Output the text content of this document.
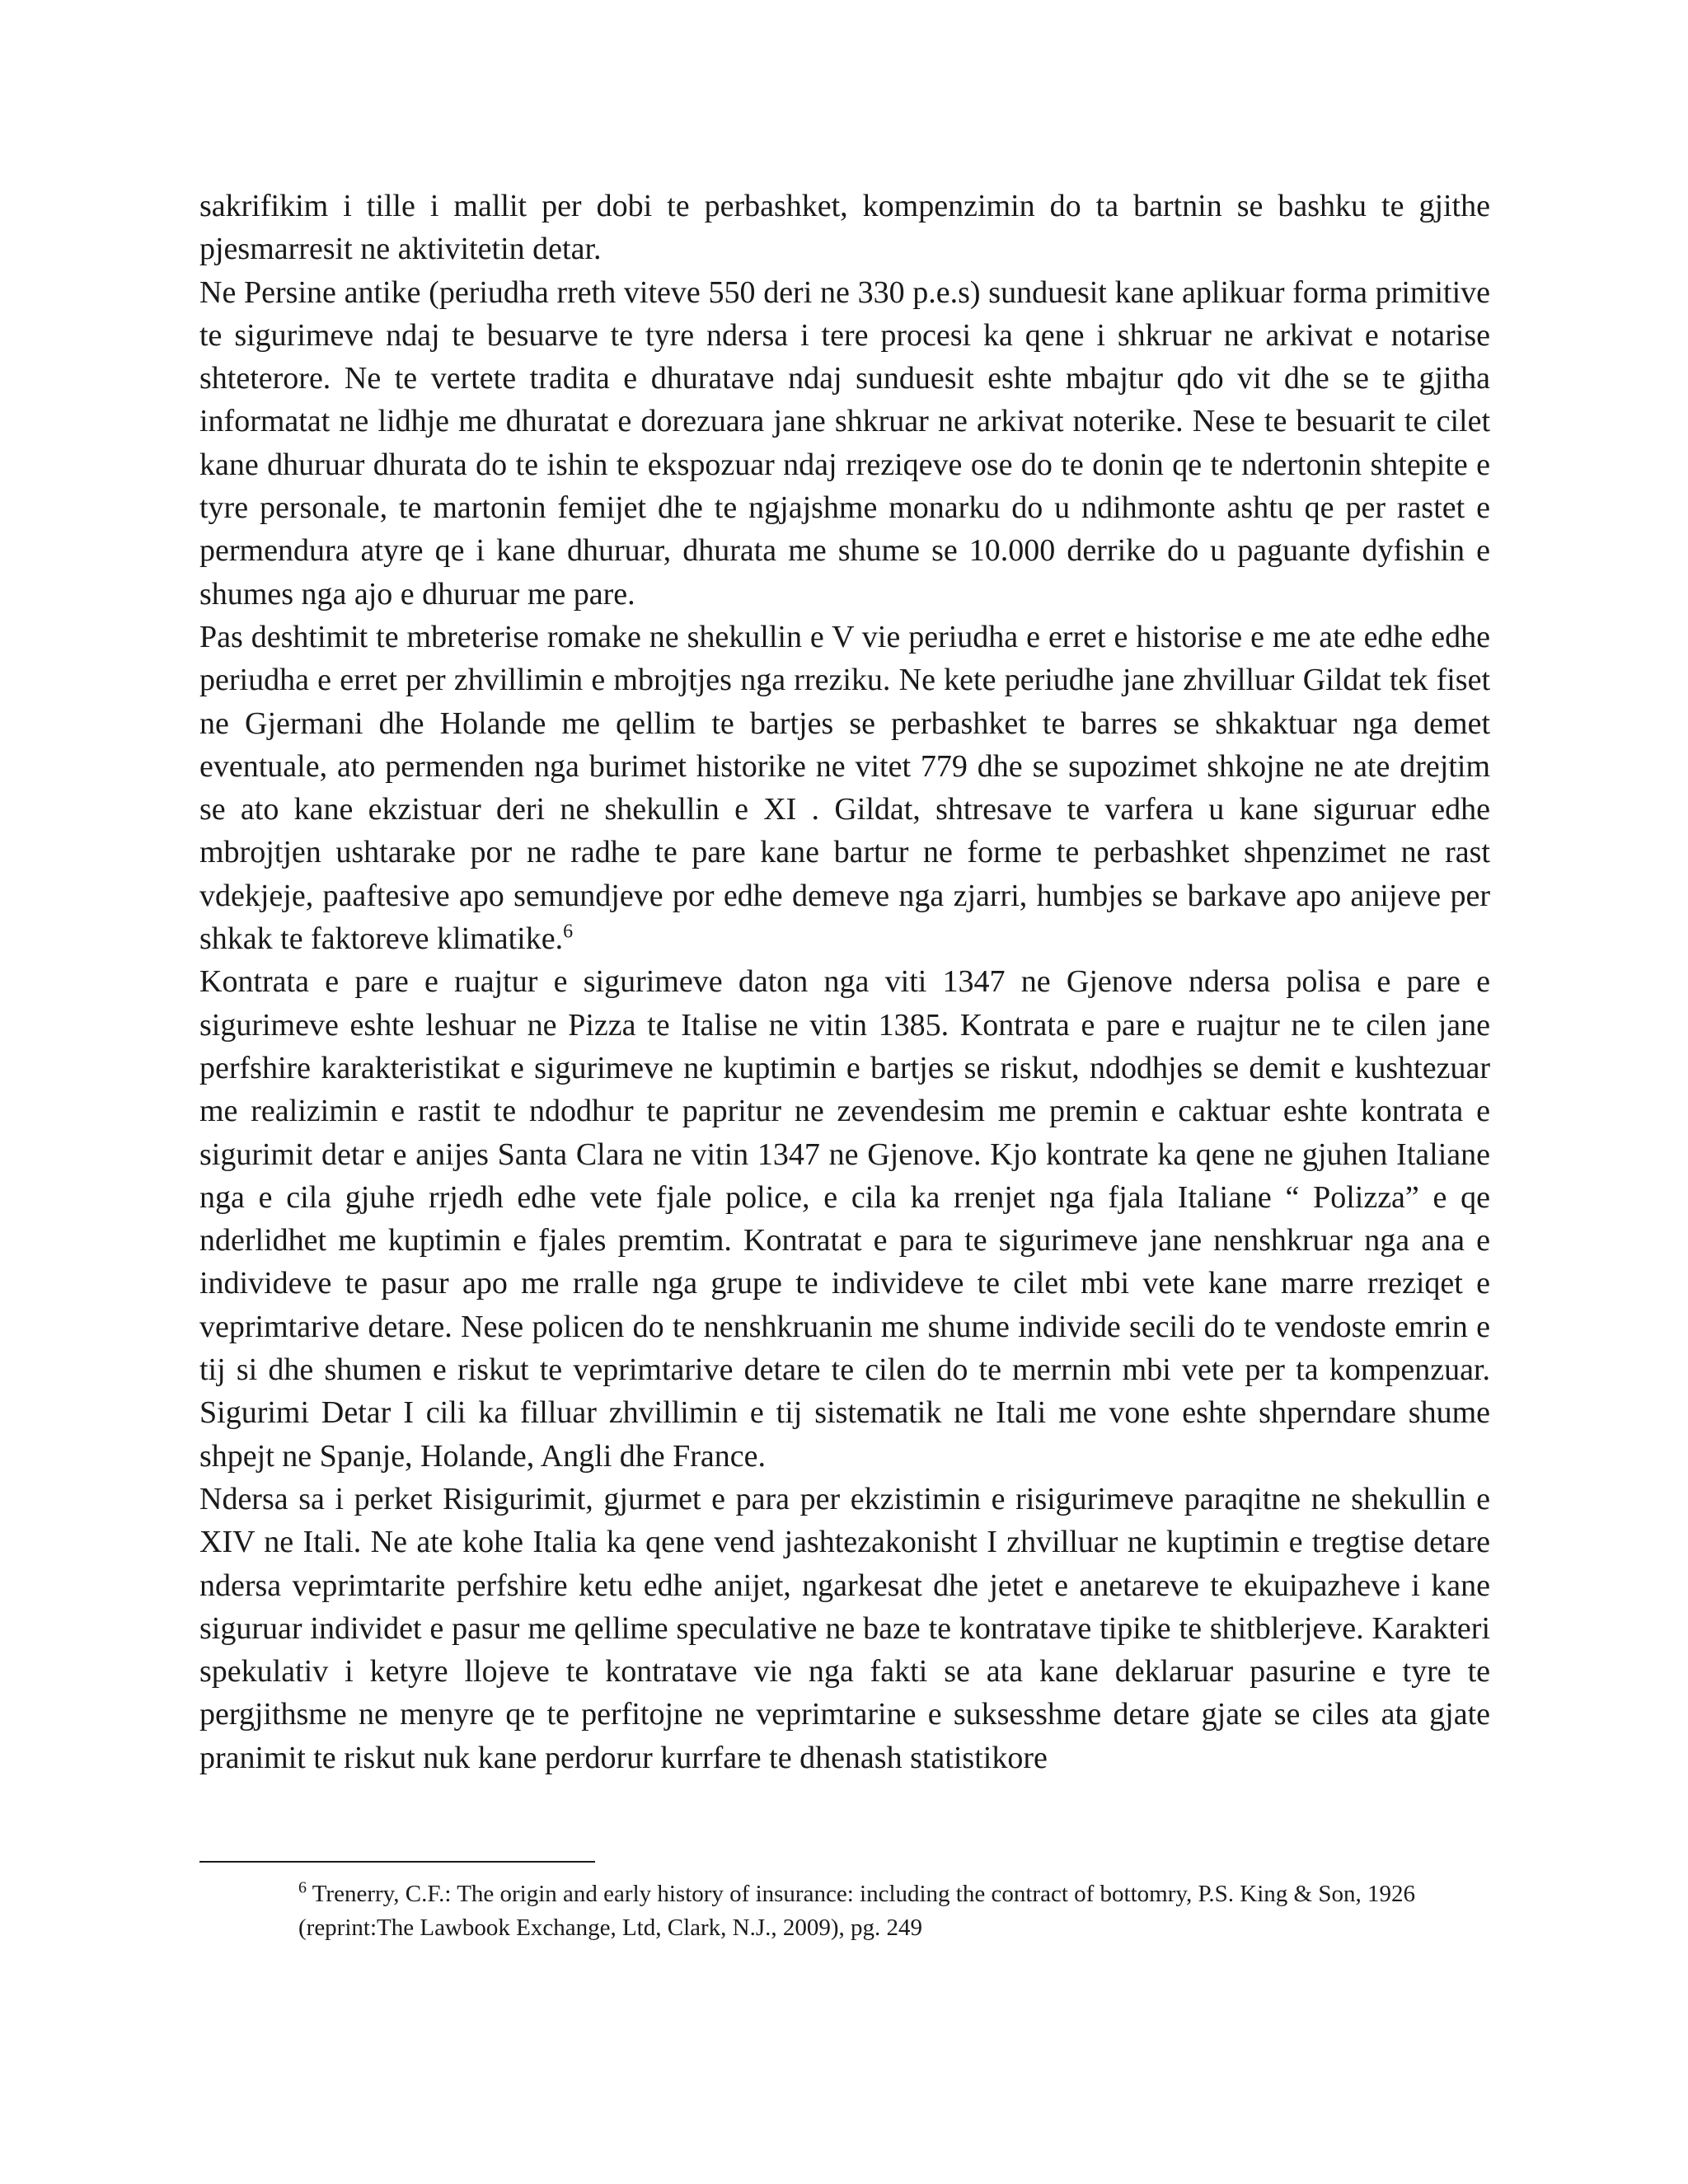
sakrifikim i tille i mallit per dobi te perbashket, kompenzimin do ta bartnin se bashku te gjithe pjesmarresit ne aktivitetin detar.

Ne Persine antike (periudha rreth viteve 550 deri ne 330 p.e.s) sunduesit kane aplikuar forma primitive te sigurimeve ndaj te besuarve te tyre ndersa i tere procesi ka qene i shkruar ne arkivat e notarise shteterore. Ne te vertete tradita e dhuratave ndaj sunduesit eshte mbajtur qdo vit dhe se te gjitha informatat ne lidhje me dhuratat e dorezuara jane shkruar ne arkivat noterike. Nese te besuarit te cilet kane dhuruar dhurata do te ishin te ekspozuar ndaj rreziqeve ose do te donin qe te ndertonin shtepite e tyre personale, te martonin femijet dhe te ngjajshme monarku do u ndihmonte ashtu qe per rastet e permendura atyre qe i kane dhuruar, dhurata me shume se 10.000 derrike do u paguante dyfishin e shumes nga ajo e dhuruar me pare.

Pas deshtimit te mbreterise romake ne shekullin e V vie periudha e erret e historise e me ate edhe edhe periudha e erret per zhvillimin e mbrojtjes nga rreziku. Ne kete periudhe jane zhvilluar Gildat tek fiset ne Gjermani dhe Holande me qellim te bartjes se perbashket te barres se shkaktuar nga demet eventuale, ato permenden nga burimet historike ne vitet 779 dhe se supozimet shkojne ne ate drejtim se ato kane ekzistuar deri ne shekullin e XI . Gildat, shtresave te varfera u kane siguruar edhe mbrojtjen ushtarake por ne radhe te pare kane bartur ne forme te perbashket shpenzimet ne rast vdekjeje, paaftesive apo semundjeve por edhe demeve nga zjarri, humbjes se barkave apo anijeve per shkak te faktoreve klimatike.$^6$

Kontrata e pare e ruajtur e sigurimeve daton nga viti 1347 ne Gjenove ndersa polisa e pare e sigurimeve eshte leshuar ne Pizza te Italise ne vitin 1385. Kontrata e pare e ruajtur ne te cilen jane perfshire karakteristikat e sigurimeve ne kuptimin e bartjes se riskut, ndodhjes se demit e kushtezuar me realizimin e rastit te ndodhur te papritur ne zevendesim me premin e caktuar eshte kontrata e sigurimit detar e anijes Santa Clara ne vitin 1347 ne Gjenove. Kjo kontrate ka qene ne gjuhen Italiane nga e cila gjuhe rrjedh edhe vete fjale police, e cila ka rrenjet nga fjala Italiane “ Polizza” e qe nderlidhet me kuptimin e fjales premtim. Kontratat e para te sigurimeve jane nenshkruar nga ana e individeve te pasur apo me rralle nga grupe te individeve te cilet mbi vete kane marre rreziqet e veprimtarive detare. Nese policen do te nenshkruanin me shume individe secili do te vendoste emrin e tij si dhe shumen e riskut te veprimtarive detare te cilen do te merrnin mbi vete per ta kompenzuar. Sigurimi Detar I cili ka filluar zhvillimin e tij sistematik ne Itali me vone eshte shperndare shume shpejt ne Spanje, Holande, Angli dhe France.

Ndersa sa i perket Risigurimit, gjurmet e para per ekzistimin e risigurimeve paraqitne ne shekullin e XIV ne Itali. Ne ate kohe Italia ka qene vend jashtezakonisht I zhvilluar ne kuptimin e tregtise detare ndersa veprimtarite perfshire ketu edhe anijet, ngarkesat dhe jetet e anetareve te ekuipazheve i kane siguruar individet e pasur me qellime speculative ne baze te kontratave tipike te shitblerjeve. Karakteri spekulativ i ketyre llojeve te kontratave vie nga fakti se ata kane deklaruar pasurine e tyre te pergjithsme ne menyre qe te perfitojne ne veprimtarine e suksesshme detare gjate se ciles ata gjate pranimit te riskut nuk kane perdorur kurrfare te dhenash statistikore

$^6$ Trenerry, C.F.: The origin and early history of insurance: including the contract of bottomry, P.S. King & Son, 1926 (reprint:The Lawbook Exchange, Ltd, Clark, N.J., 2009), pg. 249
